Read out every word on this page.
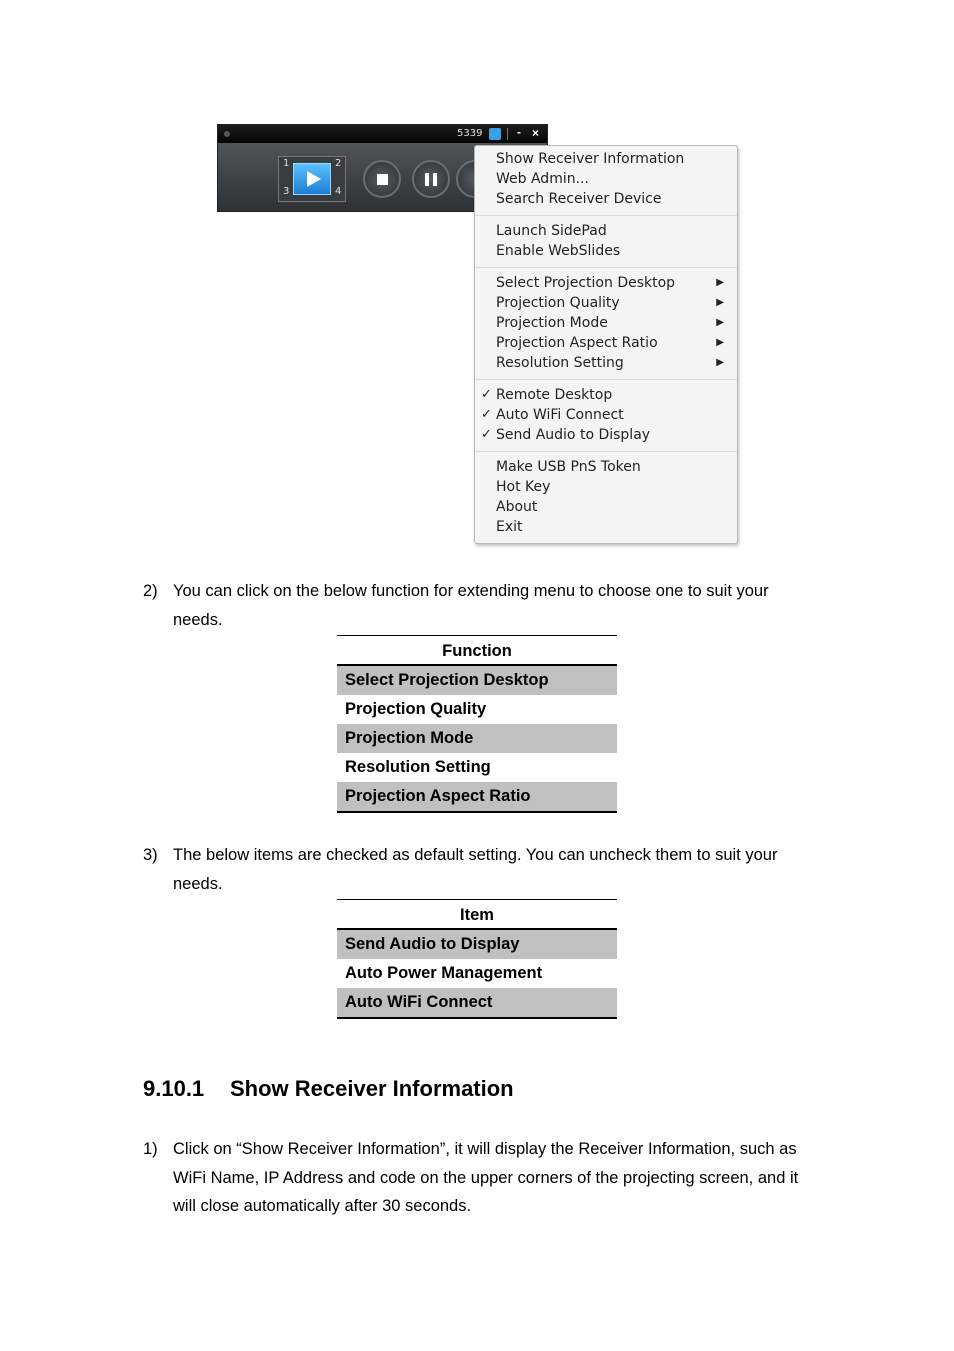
5339	- ×
1	2
3	4
Show Receiver Information
Web Admin...
Search Receiver Device
Launch SidePad
Enable WebSlides
Select Projection Desktop	▶
Projection Quality	▶
Projection Mode	▶
Projection Aspect Ratio	▶
Resolution Setting	▶
✓ Remote Desktop
✓ Auto WiFi Connect
✓ Send Audio to Display
Make USB PnS Token
Hot Key
About
Exit
2) You can click on the below function for extending menu to choose one to suit your needs.
Function
Select Projection Desktop
Projection Quality
Projection Mode
Resolution Setting
Projection Aspect Ratio
3) The below items are checked as default setting. You can uncheck them to suit your needs.
Item
Send Audio to Display
Auto Power Management
Auto WiFi Connect
9.10.1 Show Receiver Information
1) Click on “Show Receiver Information”, it will display the Receiver Information, such as WiFi Name, IP Address and code on the upper corners of the projecting screen, and it will close automatically after 30 seconds.
